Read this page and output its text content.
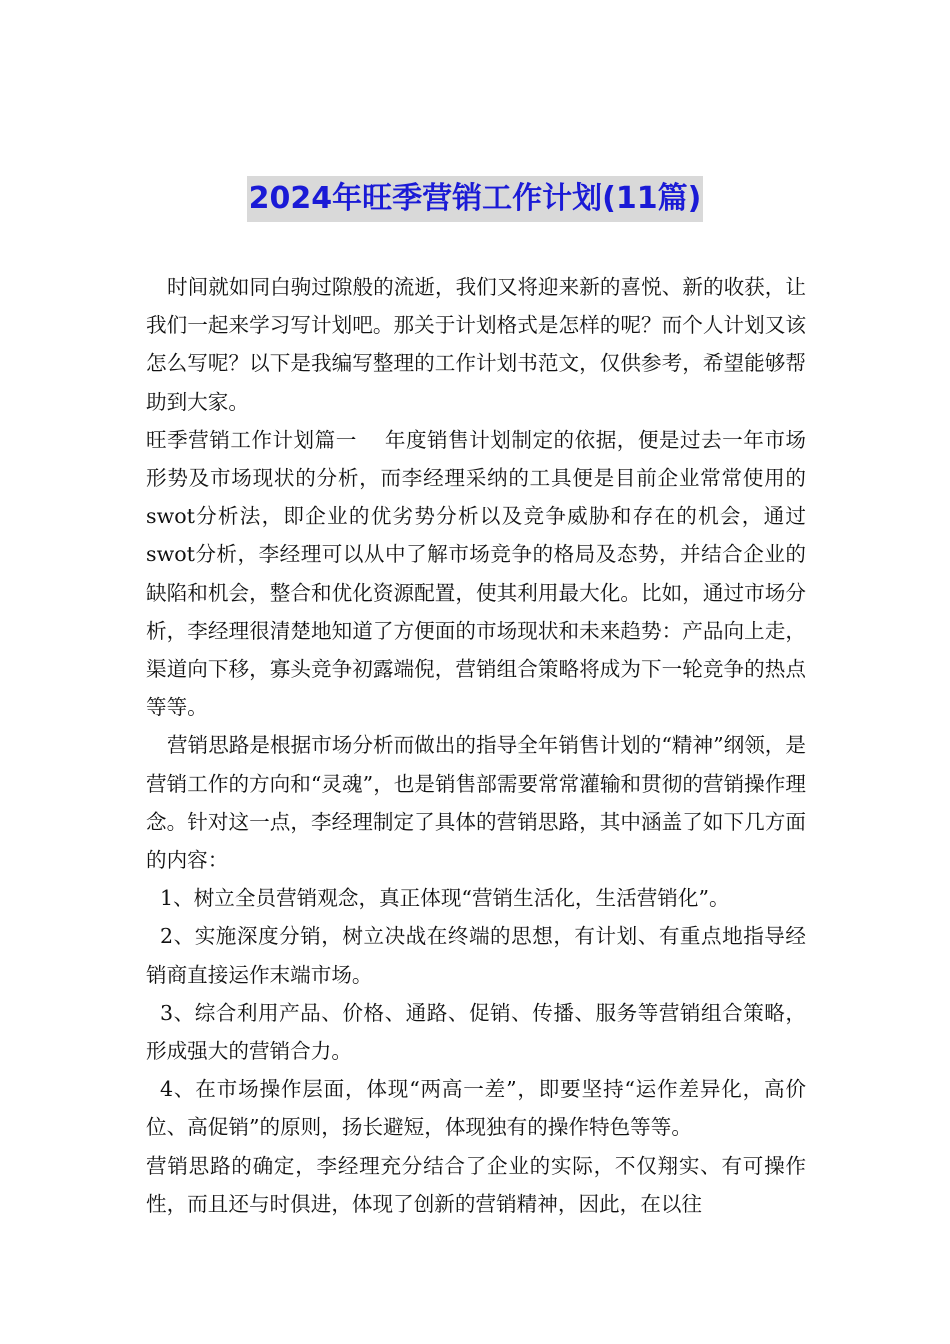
2024年旺季营销工作计划(11篇)

时间就如同白驹过隙般的流逝，我们又将迎来新的喜悦、新的收获，让我们一起来学习写计划吧。那关于计划格式是怎样的呢？而个人计划又该怎么写呢？以下是我编写整理的工作计划书范文，仅供参考，希望能够帮助到大家。

旺季营销工作计划篇一　 年度销售计划制定的依据，便是过去一年市场形势及市场现状的分析，而李经理采纳的工具便是目前企业常常使用的swot分析法，即企业的优劣势分析以及竞争威胁和存在的机会，通过swot分析，李经理可以从中了解市场竞争的格局及态势，并结合企业的缺陷和机会，整合和优化资源配置，使其利用最大化。比如，通过市场分析，李经理很清楚地知道了方便面的市场现状和未来趋势：产品向上走，渠道向下移，寡头竞争初露端倪，营销组合策略将成为下一轮竞争的热点等等。

营销思路是根据市场分析而做出的指导全年销售计划的“精神”纲领，是营销工作的方向和“灵魂”，也是销售部需要常常灌输和贯彻的营销操作理念。针对这一点，李经理制定了具体的营销思路，其中涵盖了如下几方面的内容：

1、树立全员营销观念，真正体现“营销生活化，生活营销化”。

2、实施深度分销，树立决战在终端的思想，有计划、有重点地指导经销商直接运作末端市场。

3、综合利用产品、价格、通路、促销、传播、服务等营销组合策略，形成强大的营销合力。

4、在市场操作层面，体现“两高一差”，即要坚持“运作差异化，高价位、高促销”的原则，扬长避短，体现独有的操作特色等等。

营销思路的确定，李经理充分结合了企业的实际，不仅翔实、有可操作性，而且还与时俱进，体现了创新的营销精神，因此，在以往
